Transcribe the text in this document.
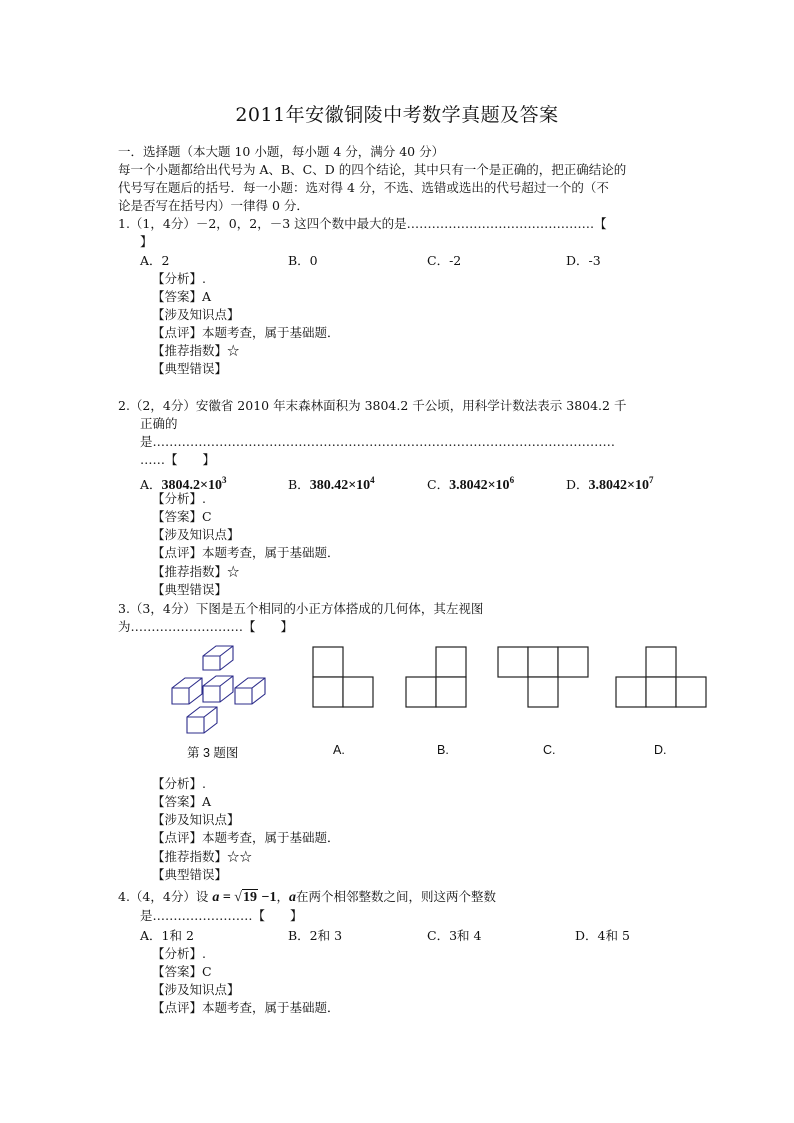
2011年安徽铜陵中考数学真题及答案
一．选择题（本大题 10 小题，每小题 4 分，满分 40 分）
每一个小题都给出代号为 A、B、C、D 的四个结论，其中只有一个是正确的，把正确结论的
代号写在题后的括号．每一小题：选对得 4 分，不选、选错或选出的代号超过一个的（不
论是否写在括号内）一律得 0 分．
1.（1，4分）－2，0，2，－3 这四个数中最大的是………………………………………【
】
A．2	B．0	C．-2	D．-3
【分析】.
【答案】A
【涉及知识点】
【点评】本题考查，属于基础题．
【推荐指数】☆
【典型错误】
2.（2，4分）安徽省 2010 年末森林面积为 3804.2 千公顷，用科学计数法表示 3804.2 千
正确的
是…………………………………………………………………………………………………
……【　　】
A．$3804.2\times 10^3$	B．$380.42\times 10^4$	C．$3.8042\times 10^6$	D．$3.8042\times 10^7$
【分析】.
【答案】C
【涉及知识点】
【点评】本题考查，属于基础题．
【推荐指数】☆
【典型错误】
3.（3，4分）下图是五个相同的小正方体搭成的几何体，其左视图
为………………………【　　】
第 3 题图	A.	B.	C.	D.
【分析】.
【答案】A
【涉及知识点】
【点评】本题考查，属于基础题．
【推荐指数】☆☆
【典型错误】
4.（4，4分）设 a = √19 −1，a在两个相邻整数之间，则这两个整数
是……………………【　　】
A．1和 2	B．2和 3	C．3和 4	D．4和 5
【分析】.
【答案】C
【涉及知识点】
【点评】本题考查，属于基础题．
